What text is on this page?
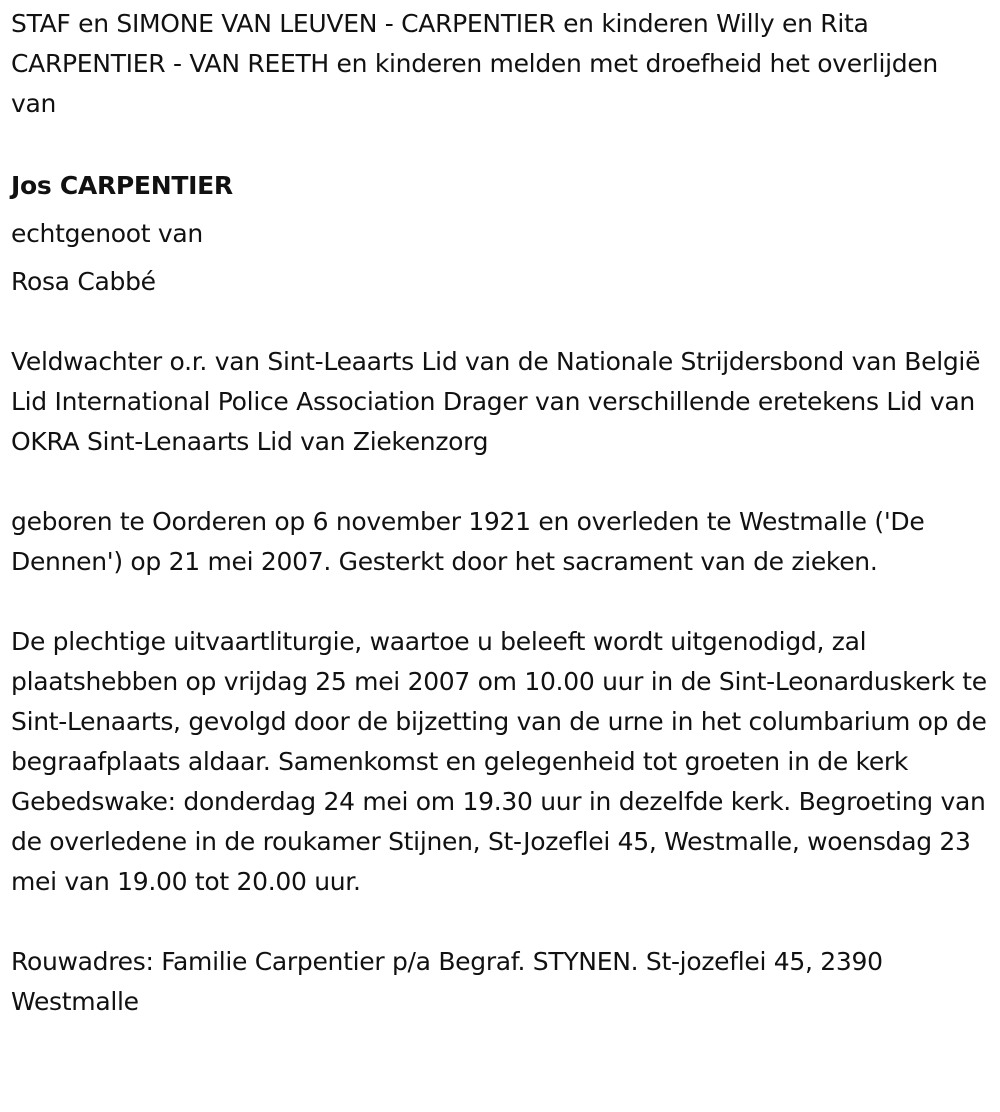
STAF en SIMONE VAN LEUVEN - CARPENTIER en kinderen Willy en Rita CARPENTIER - VAN REETH en kinderen melden met droefheid het overlijden van

Jos CARPENTIER

echtgenoot van

Rosa Cabbé

Veldwachter o.r. van Sint-Leaarts Lid van de Nationale Strijdersbond van België Lid International Police Association Drager van verschillende eretekens Lid van OKRA Sint-Lenaarts Lid van Ziekenzorg

geboren te Oorderen op 6 november 1921 en overleden te Westmalle ('De Dennen') op 21 mei 2007. Gesterkt door het sacrament van de zieken.

De plechtige uitvaartliturgie, waartoe u beleeft wordt uitgenodigd, zal plaatshebben op vrijdag 25 mei 2007 om 10.00 uur in de Sint-Leonarduskerk te Sint-Lenaarts, gevolgd door de bijzetting van de urne in het columbarium op de begraafplaats aldaar. Samenkomst en gelegenheid tot groeten in de kerk Gebedswake: donderdag 24 mei om 19.30 uur in dezelfde kerk. Begroeting van de overledene in de roukamer Stijnen, St-Jozeflei 45, Westmalle, woensdag 23 mei van 19.00 tot 20.00 uur.

Rouwadres: Familie Carpentier p/a Begraf. STYNEN. St-jozeflei 45, 2390 Westmalle
